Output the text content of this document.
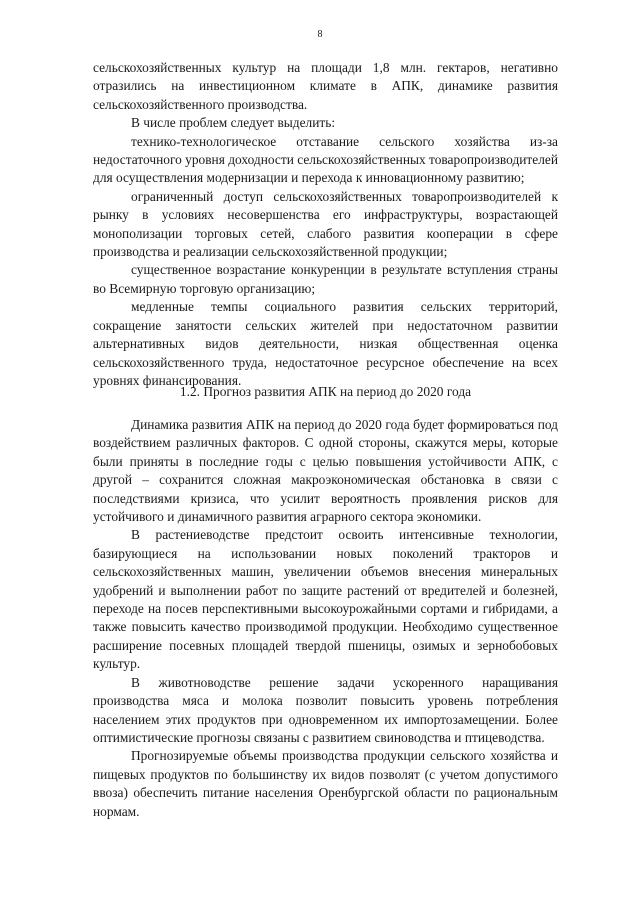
8

сельскохозяйственных культур на площади 1,8 млн. гектаров, негативно отразились на инвестиционном климате в АПК, динамике развития сельскохозяйственного производства.

В числе проблем следует выделить:

технико-технологическое отставание сельского хозяйства из-за недостаточного уровня доходности сельскохозяйственных товаропроизводителей для осуществления модернизации и перехода к инновационному развитию;

ограниченный доступ сельскохозяйственных товаропроизводителей к рынку в условиях несовершенства его инфраструктуры, возрастающей монополизации торговых сетей, слабого развития кооперации в сфере производства и реализации сельскохозяйственной продукции;

существенное возрастание конкуренции в результате вступления страны во Всемирную торговую организацию;

медленные темпы социального развития сельских территорий, сокращение занятости сельских жителей при недостаточном развитии альтернативных видов деятельности, низкая общественная оценка сельскохозяйственного труда, недостаточное ресурсное обеспечение на всех уровнях финансирования.

1.2. Прогноз развития АПК на период до 2020 года

Динамика развития АПК на период до 2020 года будет формироваться под воздействием различных факторов. С одной стороны, скажутся меры, которые были приняты в последние годы с целью повышения устойчивости АПК, с другой – сохранится сложная макроэкономическая обстановка в связи с последствиями кризиса, что усилит вероятность проявления рисков для устойчивого и динамичного развития аграрного сектора экономики.

В растениеводстве предстоит освоить интенсивные технологии, базирующиеся на использовании новых поколений тракторов и сельскохозяйственных машин, увеличении объемов внесения минеральных удобрений и выполнении работ по защите растений от вредителей и болезней, переходе на посев перспективными высокоурожайными сортами и гибридами, а также повысить качество производимой продукции. Необходимо существенное расширение посевных площадей твердой пшеницы, озимых и зернобобовых культур.

В животноводстве решение задачи ускоренного наращивания производства мяса и молока позволит повысить уровень потребления населением этих продуктов при одновременном их импортозамещении. Более оптимистические прогнозы связаны с развитием свиноводства и птицеводства.

Прогнозируемые объемы производства продукции сельского хозяйства и пищевых продуктов по большинству их видов позволят (с учетом допустимого ввоза) обеспечить питание населения Оренбургской области по рациональным нормам.
